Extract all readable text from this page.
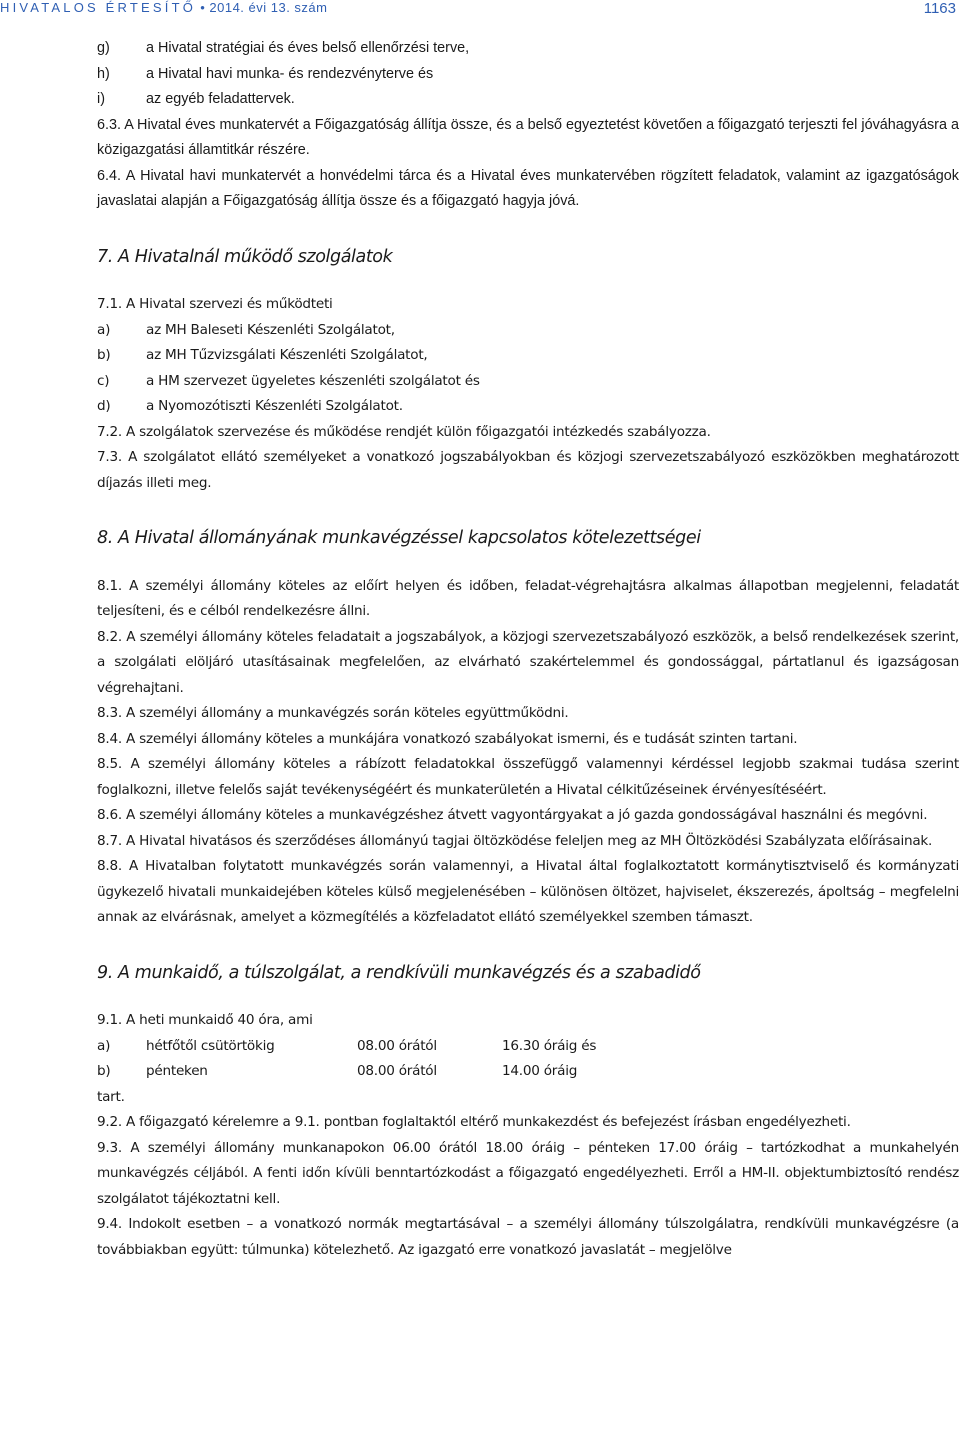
HIVATALOS ÉRTESÍTŐ • 2014. évi 13. szám	1163
g)	a Hivatal stratégiai és éves belső ellenőrzési terve,
h)	a Hivatal havi munka- és rendezvényterve és
i)	az egyéb feladattervek.

6.3. A Hivatal éves munkatervét a Főigazgatóság állítja össze, és a belső egyeztetést követően a főigazgató terjeszti fel jóváhagyásra a közigazgatási államtitkár részére.

6.4. A Hivatal havi munkatervét a honvédelmi tárca és a Hivatal éves munkatervében rögzített feladatok, valamint az igazgatóságok javaslatai alapján a Főigazgatóság állítja össze és a főigazgató hagyja jóvá.

7. A Hivatalnál működő szolgálatok

7.1. A Hivatal szervezi és működteti

a)	az MH Baleseti Készenléti Szolgálatot,
b)	az MH Tűzvizsgálati Készenléti Szolgálatot,
c)	a HM szervezet ügyeletes készenléti szolgálatot és
d)	a Nyomozótiszti Készenléti Szolgálatot.

7.2. A szolgálatok szervezése és működése rendjét külön főigazgatói intézkedés szabályozza.

7.3. A szolgálatot ellátó személyeket a vonatkozó jogszabályokban és közjogi szervezetszabályozó eszközökben meghatározott díjazás illeti meg.

8. A Hivatal állományának munkavégzéssel kapcsolatos kötelezettségei

8.1. A személyi állomány köteles az előírt helyen és időben, feladat-végrehajtásra alkalmas állapotban megjelenni, feladatát teljesíteni, és e célból rendelkezésre állni.

8.2. A személyi állomány köteles feladatait a jogszabályok, a közjogi szervezetszabályozó eszközök, a belső rendelkezések szerint, a szolgálati elöljáró utasításainak megfelelően, az elvárható szakértelemmel és gondossággal, pártatlanul és igazságosan végrehajtani.

8.3. A személyi állomány a munkavégzés során köteles együttműködni.

8.4. A személyi állomány köteles a munkájára vonatkozó szabályokat ismerni, és e tudását szinten tartani.

8.5. A személyi állomány köteles a rábízott feladatokkal összefüggő valamennyi kérdéssel legjobb szakmai tudása szerint foglalkozni, illetve felelős saját tevékenységéért és munkaterületén a Hivatal célkitűzéseinek érvényesítéséért.

8.6. A személyi állomány köteles a munkavégzéshez átvett vagyontárgyakat a jó gazda gondosságával használni és megóvni.

8.7. A Hivatal hivatásos és szerződéses állományú tagjai öltözködése feleljen meg az MH Öltözködési Szabályzata előírásainak.

8.8. A Hivatalban folytatott munkavégzés során valamennyi, a Hivatal által foglalkoztatott kormánytisztviselő és kormányzati ügykezelő hivatali munkaidejében köteles külső megjelenésében – különösen öltözet, hajviselet, ékszerezés, ápoltság – megfelelni annak az elvárásnak, amelyet a közmegítélés a közfeladatot ellátó személyekkel szemben támaszt.

9. A munkaidő, a túlszolgálat, a rendkívüli munkavégzés és a szabadidő

9.1. A heti munkaidő 40 óra, ami

a)	hétfőtől csütörtökig	08.00 órától	16.30 óráig és
b)	pénteken	08.00 órától	14.00 óráig

tart.

9.2. A főigazgató kérelemre a 9.1. pontban foglaltaktól eltérő munkakezdést és befejezést írásban engedélyezheti.

9.3. A személyi állomány munkanapokon 06.00 órától 18.00 óráig – pénteken 17.00 óráig – tartózkodhat a munkahelyén munkavégzés céljából. A fenti időn kívüli benntartózkodást a főigazgató engedélyezheti. Erről a HM-II. objektumbiztosító rendész szolgálatot tájékoztatni kell.

9.4. Indokolt esetben – a vonatkozó normák megtartásával – a személyi állomány túlszolgálatra, rendkívüli munkavégzésre (a továbbiakban együtt: túlmunka) kötelezhető. Az igazgató erre vonatkozó javaslatát – megjelölve
